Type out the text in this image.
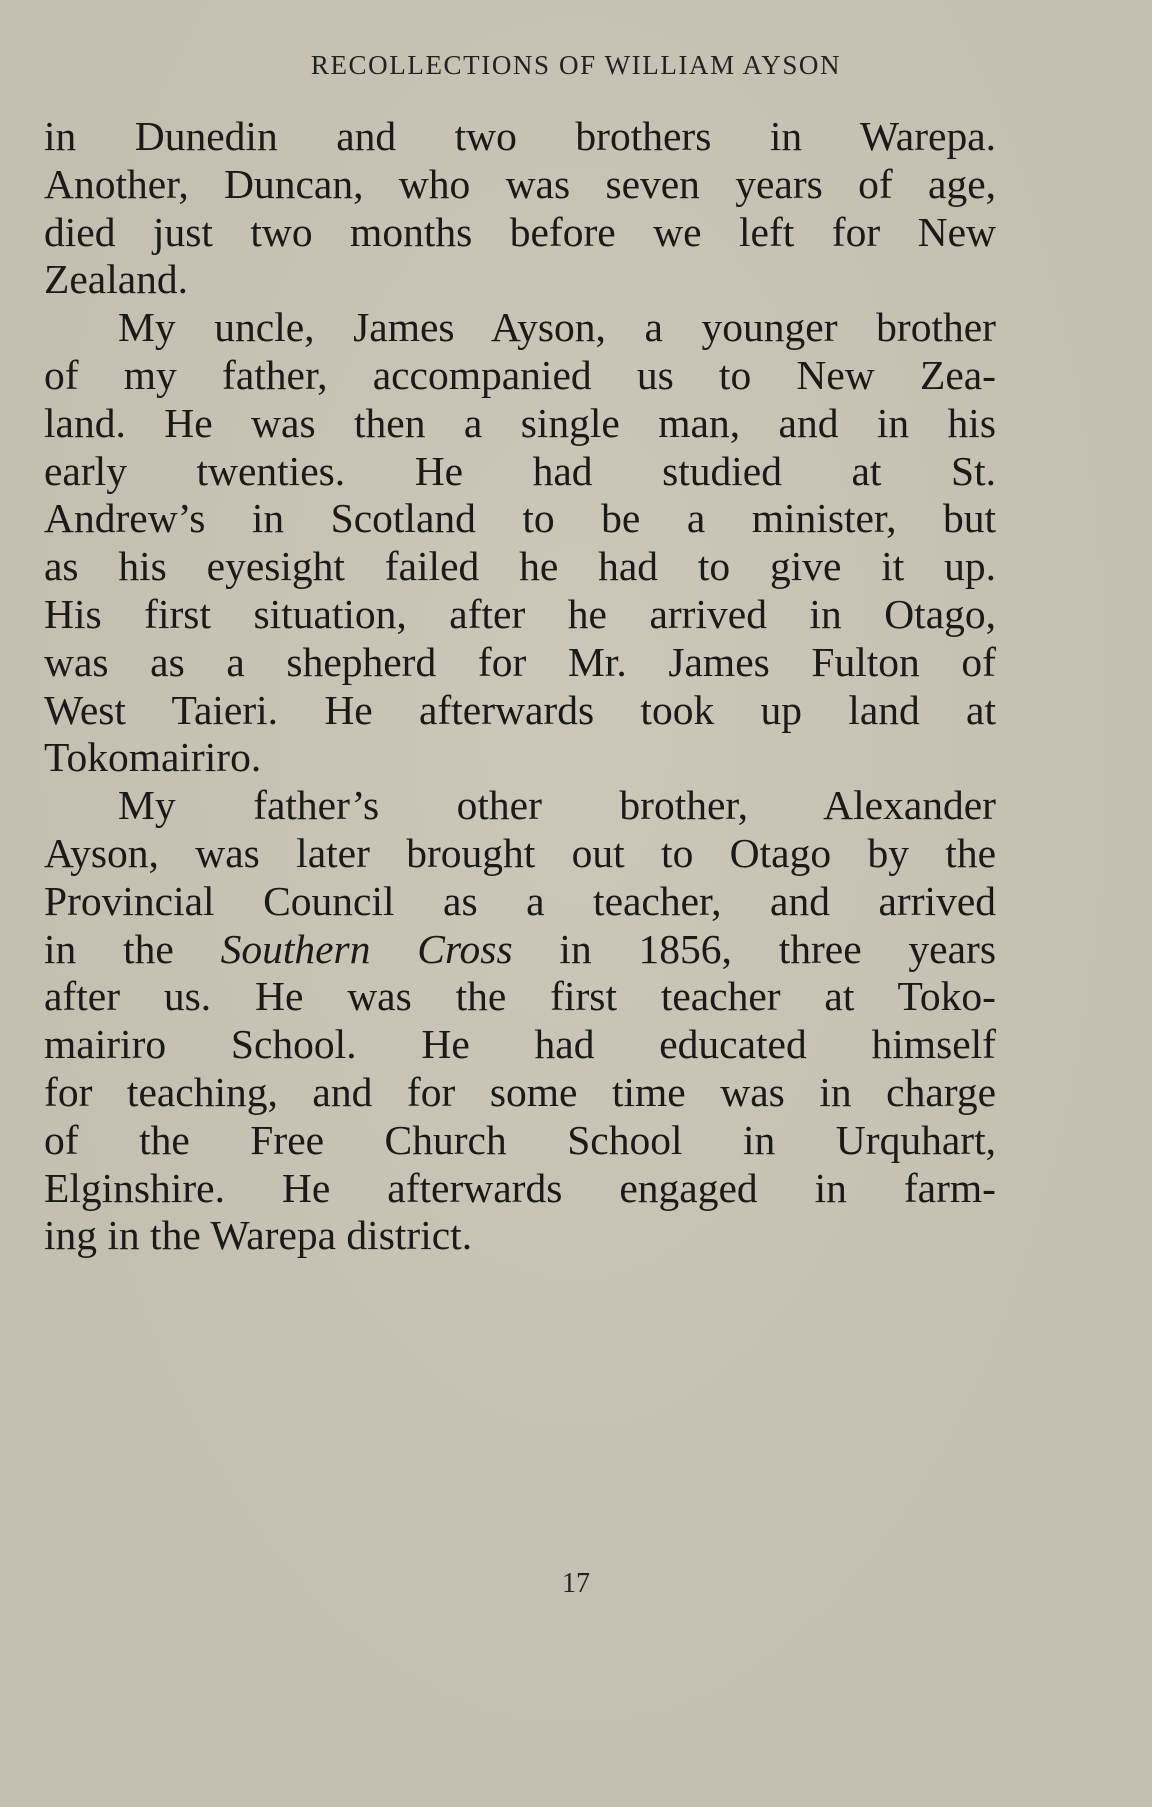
RECOLLECTIONS OF WILLIAM AYSON
in Dunedin and two brothers in Warepa.
Another, Duncan, who was seven years of age,
died just two months before we left for New
Zealand.
My uncle, James Ayson, a younger brother
of my father, accompanied us to New Zea-
land. He was then a single man, and in his
early twenties. He had studied at St.
Andrew’s in Scotland to be a minister, but
as his eyesight failed he had to give it up.
His first situation, after he arrived in Otago,
was as a shepherd for Mr. James Fulton of
West Taieri. He afterwards took up land at
Tokomairiro.
My father’s other brother, Alexander
Ayson, was later brought out to Otago by the
Provincial Council as a teacher, and arrived
in the Southern Cross in 1856, three years
after us. He was the first teacher at Toko-
mairiro School. He had educated himself
for teaching, and for some time was in charge
of the Free Church School in Urquhart,
Elginshire. He afterwards engaged in farm-
ing in the Warepa district.
17
